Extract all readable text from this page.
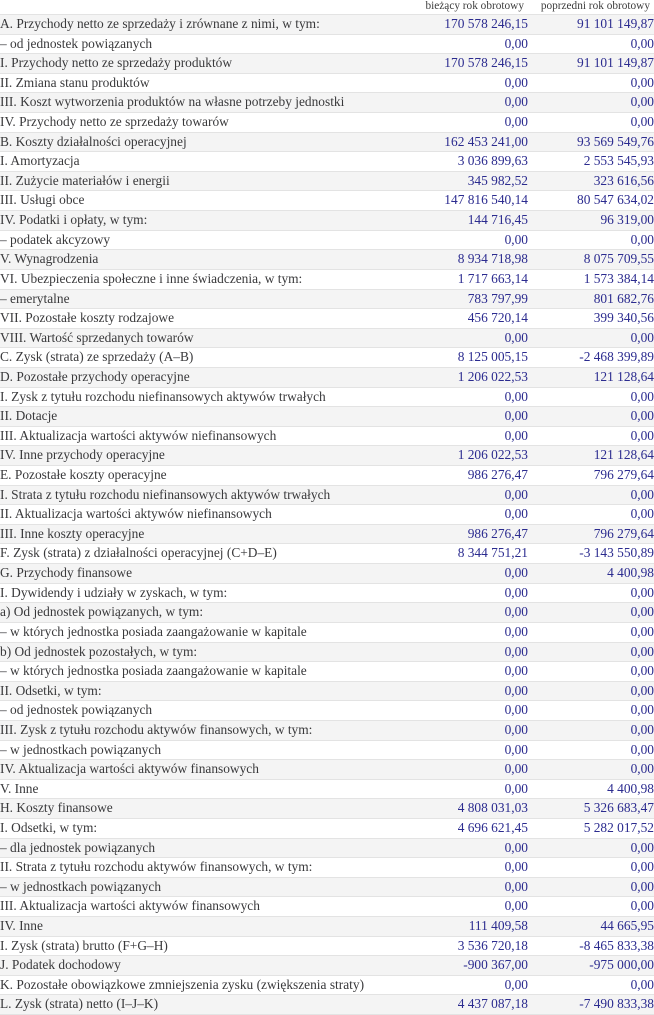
	bieżący rok obrotowy	poprzedni rok obrotowy
A. Przychody netto ze sprzedaży i zrównane z nimi, w tym:	170 578 246,15	91 101 149,87
– od jednostek powiązanych	0,00	0,00
I. Przychody netto ze sprzedaży produktów	170 578 246,15	91 101 149,87
II. Zmiana stanu produktów	0,00	0,00
III. Koszt wytworzenia produktów na własne potrzeby jednostki	0,00	0,00
IV. Przychody netto ze sprzedaży towarów	0,00	0,00
B. Koszty działalności operacyjnej	162 453 241,00	93 569 549,76
I. Amortyzacja	3 036 899,63	2 553 545,93
II. Zużycie materiałów i energii	345 982,52	323 616,56
III. Usługi obce	147 816 540,14	80 547 634,02
IV. Podatki i opłaty, w tym:	144 716,45	96 319,00
– podatek akcyzowy	0,00	0,00
V. Wynagrodzenia	8 934 718,98	8 075 709,55
VI. Ubezpieczenia społeczne i inne świadczenia, w tym:	1 717 663,14	1 573 384,14
– emerytalne	783 797,99	801 682,76
VII. Pozostałe koszty rodzajowe	456 720,14	399 340,56
VIII. Wartość sprzedanych towarów	0,00	0,00
C. Zysk (strata) ze sprzedaży (A–B)	8 125 005,15	-2 468 399,89
D. Pozostałe przychody operacyjne	1 206 022,53	121 128,64
I. Zysk z tytułu rozchodu niefinansowych aktywów trwałych	0,00	0,00
II. Dotacje	0,00	0,00
III. Aktualizacja wartości aktywów niefinansowych	0,00	0,00
IV. Inne przychody operacyjne	1 206 022,53	121 128,64
E. Pozostałe koszty operacyjne	986 276,47	796 279,64
I. Strata z tytułu rozchodu niefinansowych aktywów trwałych	0,00	0,00
II. Aktualizacja wartości aktywów niefinansowych	0,00	0,00
III. Inne koszty operacyjne	986 276,47	796 279,64
F. Zysk (strata) z działalności operacyjnej (C+D–E)	8 344 751,21	-3 143 550,89
G. Przychody finansowe	0,00	4 400,98
I. Dywidendy i udziały w zyskach, w tym:	0,00	0,00
a) Od jednostek powiązanych, w tym:	0,00	0,00
– w których jednostka posiada zaangażowanie w kapitale	0,00	0,00
b) Od jednostek pozostałych, w tym:	0,00	0,00
– w których jednostka posiada zaangażowanie w kapitale	0,00	0,00
II. Odsetki, w tym:	0,00	0,00
– od jednostek powiązanych	0,00	0,00
III. Zysk z tytułu rozchodu aktywów finansowych, w tym:	0,00	0,00
– w jednostkach powiązanych	0,00	0,00
IV. Aktualizacja wartości aktywów finansowych	0,00	0,00
V. Inne	0,00	4 400,98
H. Koszty finansowe	4 808 031,03	5 326 683,47
I. Odsetki, w tym:	4 696 621,45	5 282 017,52
– dla jednostek powiązanych	0,00	0,00
II. Strata z tytułu rozchodu aktywów finansowych, w tym:	0,00	0,00
– w jednostkach powiązanych	0,00	0,00
III. Aktualizacja wartości aktywów finansowych	0,00	0,00
IV. Inne	111 409,58	44 665,95
I. Zysk (strata) brutto (F+G–H)	3 536 720,18	-8 465 833,38
J. Podatek dochodowy	-900 367,00	-975 000,00
K. Pozostałe obowiązkowe zmniejszenia zysku (zwiększenia straty)	0,00	0,00
L. Zysk (strata) netto (I–J–K)	4 437 087,18	-7 490 833,38
